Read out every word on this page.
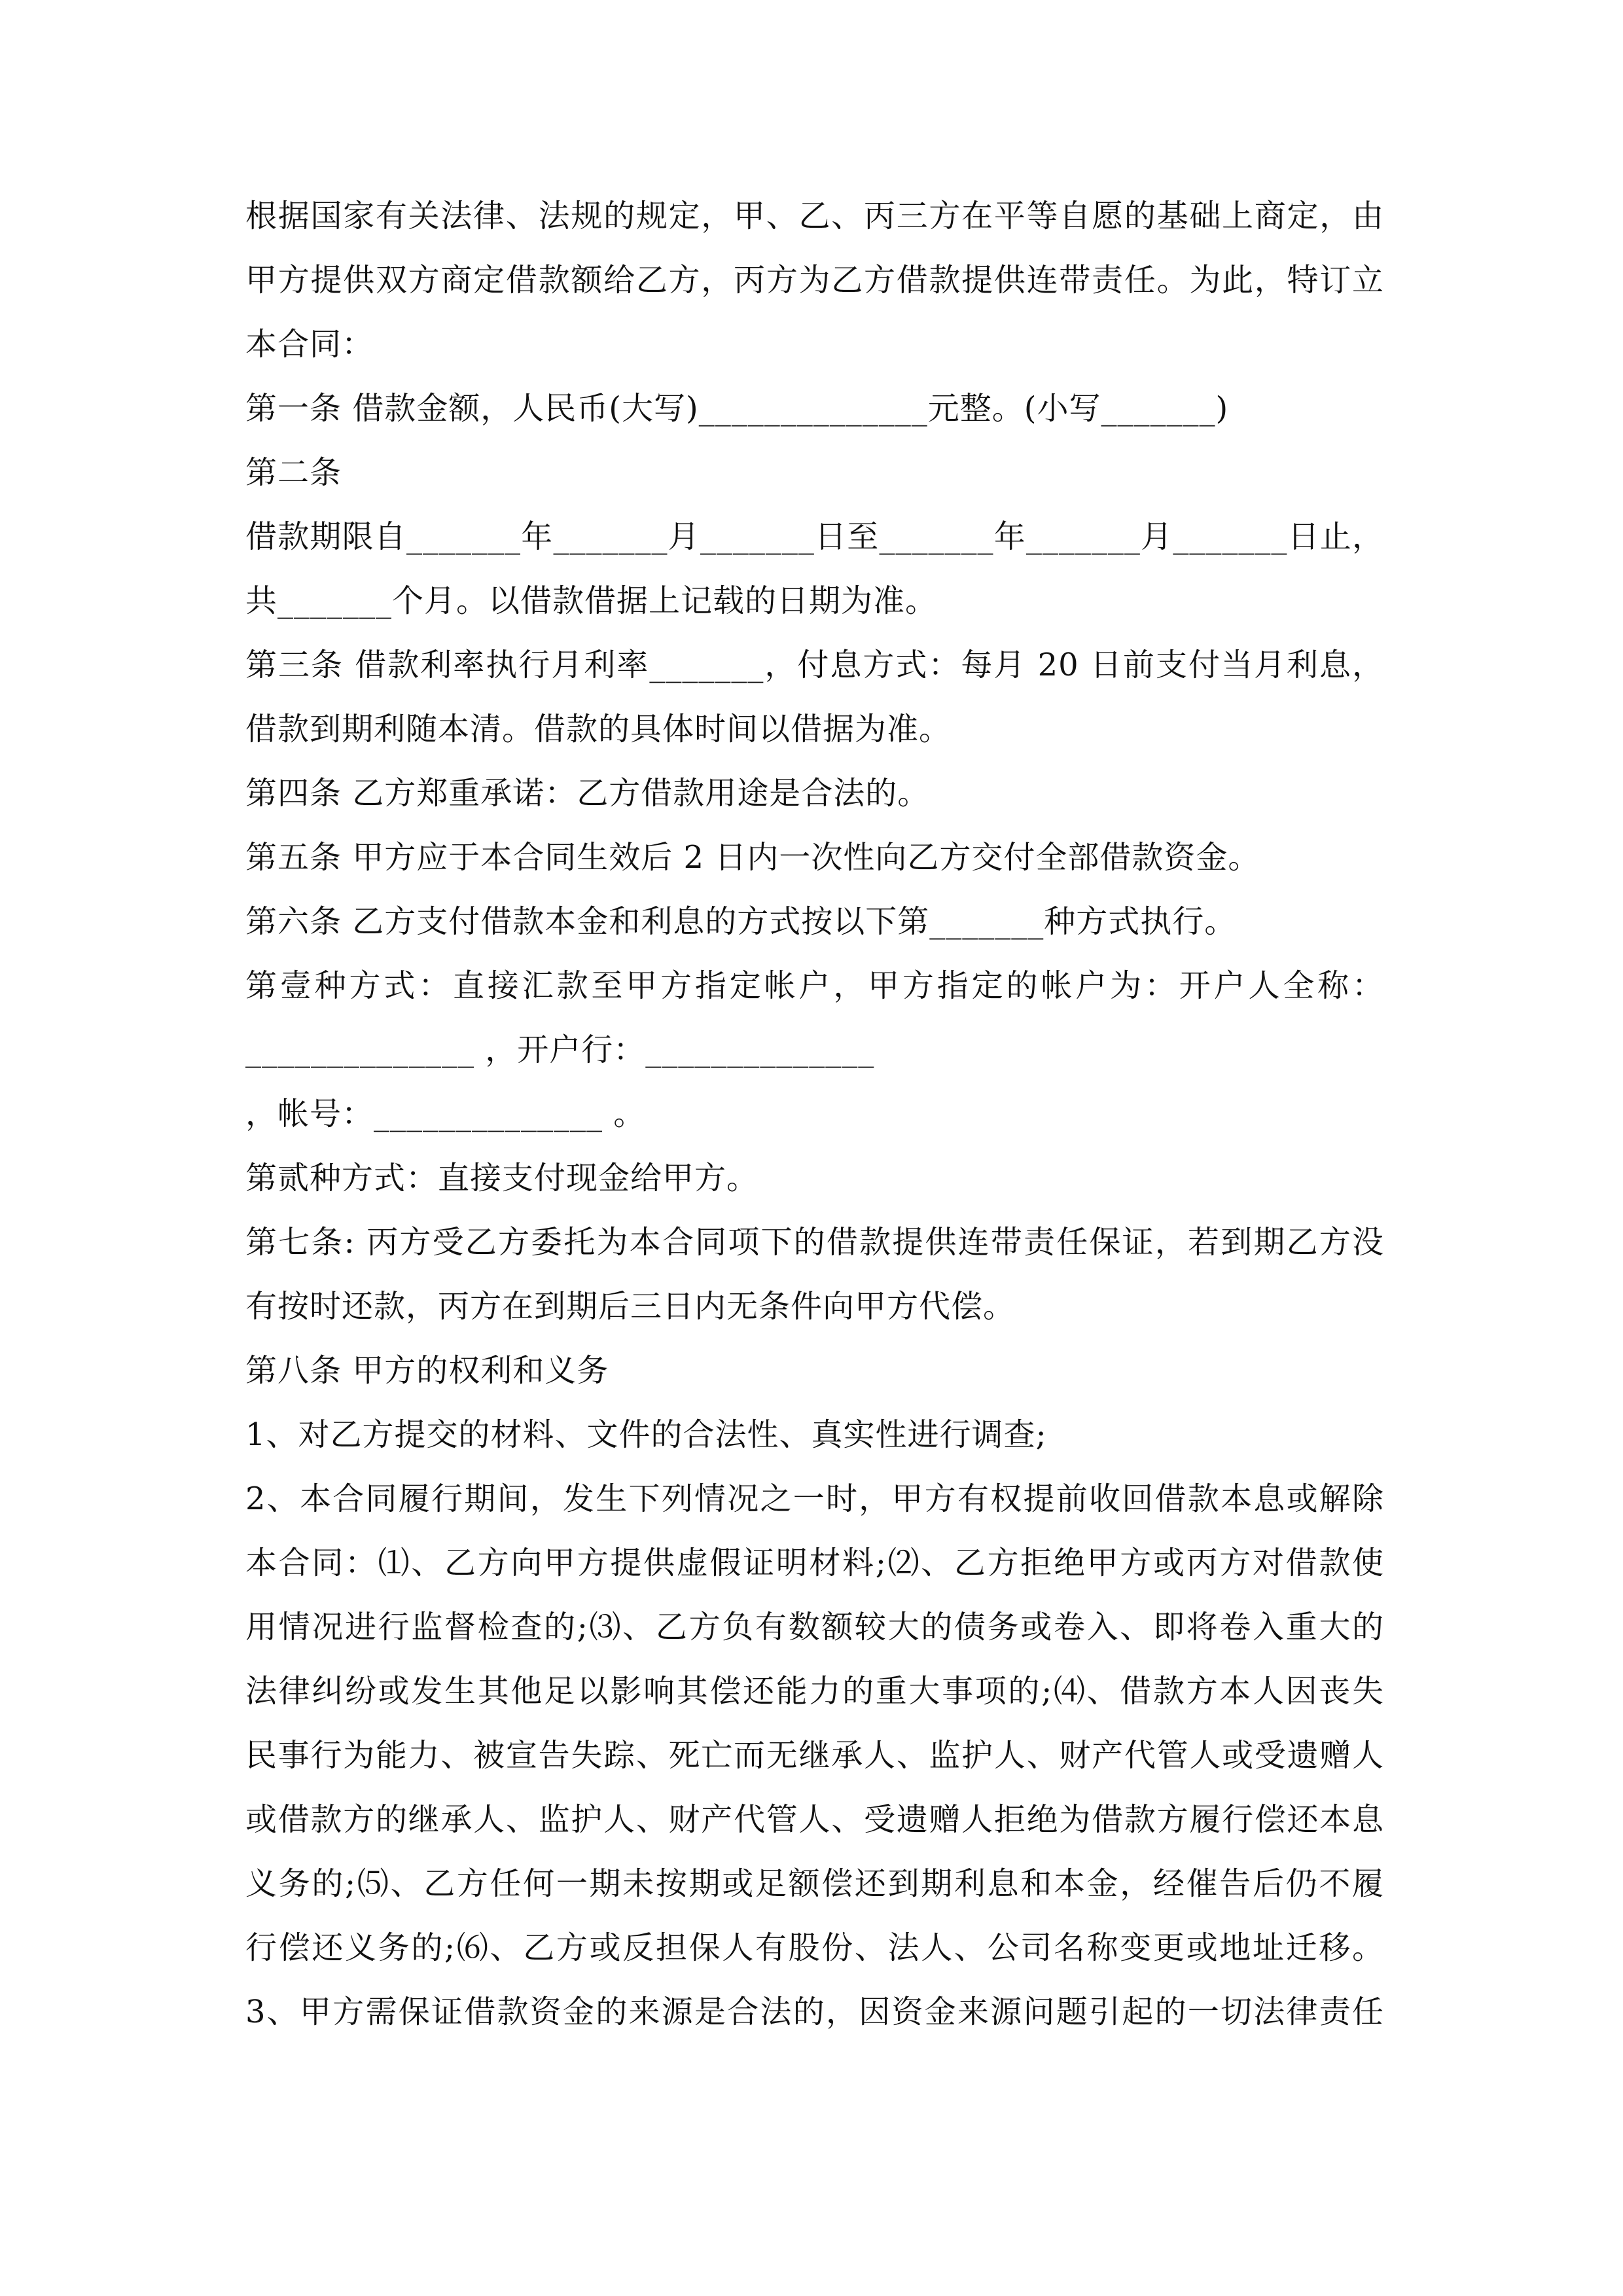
根据国家有关法律、法规的规定，甲、乙、丙三方在平等自愿的基础上商定，由
甲方提供双方商定借款额给乙方，丙方为乙方借款提供连带责任。为此，特订立
本合同：
第一条 借款金额，人民币(大写)______________元整。(小写_______)
第二条
借款期限自_______年_______月_______日至_______年_______月_______日止，
共_______个月。以借款借据上记载的日期为准。
第三条 借款利率执行月利率_______，付息方式：每月 20 日前支付当月利息，
借款到期利随本清。借款的具体时间以借据为准。
第四条 乙方郑重承诺：乙方借款用途是合法的。
第五条 甲方应于本合同生效后 2 日内一次性向乙方交付全部借款资金。
第六条 乙方支付借款本金和利息的方式按以下第_______种方式执行。
第壹种方式：直接汇款至甲方指定帐户，甲方指定的帐户为：开户人全称：
______________ ，开户行：______________
，帐号：______________ 。
第贰种方式：直接支付现金给甲方。
第七条: 丙方受乙方委托为本合同项下的借款提供连带责任保证，若到期乙方没
有按时还款，丙方在到期后三日内无条件向甲方代偿。
第八条 甲方的权利和义务
1、对乙方提交的材料、文件的合法性、真实性进行调查;
2、本合同履行期间，发生下列情况之一时，甲方有权提前收回借款本息或解除
本合同：⑴、乙方向甲方提供虚假证明材料;⑵、乙方拒绝甲方或丙方对借款使
用情况进行监督检查的;⑶、乙方负有数额较大的债务或卷入、即将卷入重大的
法律纠纷或发生其他足以影响其偿还能力的重大事项的;⑷、借款方本人因丧失
民事行为能力、被宣告失踪、死亡而无继承人、监护人、财产代管人或受遗赠人
或借款方的继承人、监护人、财产代管人、受遗赠人拒绝为借款方履行偿还本息
义务的;⑸、乙方任何一期未按期或足额偿还到期利息和本金，经催告后仍不履
行偿还义务的;⑹、乙方或反担保人有股份、法人、公司名称变更或地址迁移。
3、甲方需保证借款资金的来源是合法的，因资金来源问题引起的一切法律责任
